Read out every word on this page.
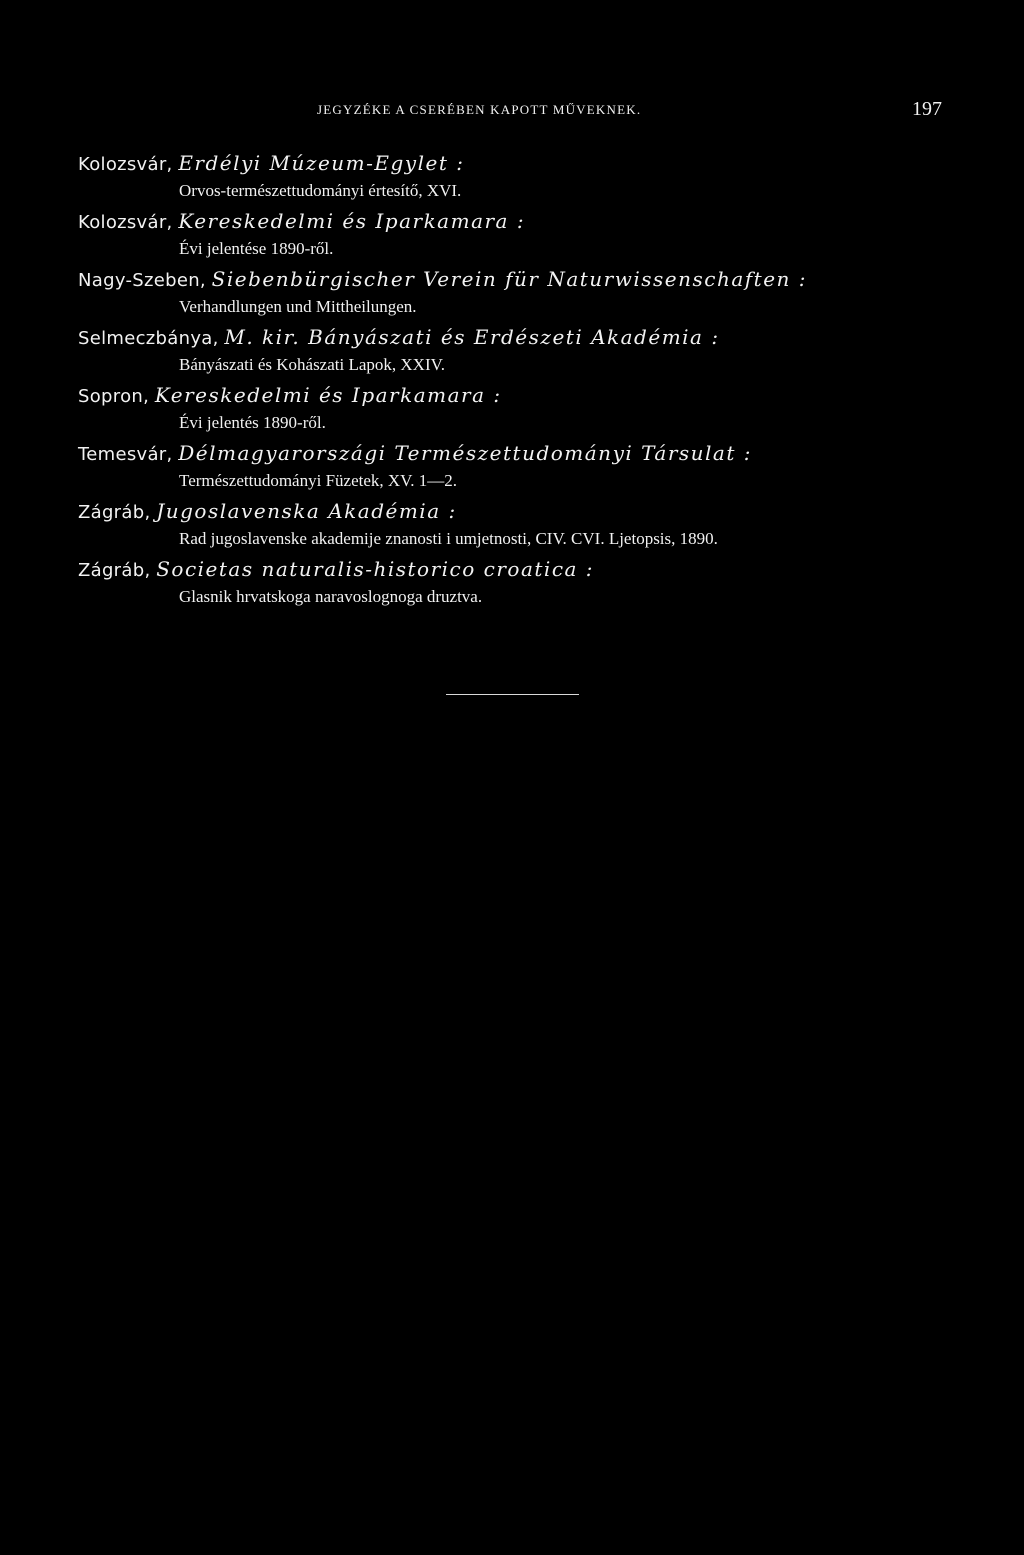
JEGYZÉKE A CSERÉBEN KAPOTT MŰVEKNEK.	197
Kolozsvár, Erdélyi Múzeum-Egylet :
Orvos-természettudományi értesítő, XVI.
Kolozsvár, Kereskedelmi és Iparkamara :
Évi jelentése 1890-ről.
Nagy-Szeben, Siebenbürgischer Verein für Naturwissenschaften :
Verhandlungen und Mittheilungen.
Selmeczbánya, M. kir. Bányászati és Erdészeti Akadémia :
Bányászati és Kohászati Lapok, XXIV.
Sopron, Kereskedelmi és Iparkamara :
Évi jelentés 1890-ről.
Temesvár, Délmagyarországi Természettudományi Társulat :
Természettudományi Füzetek, XV. 1—2.
Zágráb, Jugoslavenska Akadémia :
Rad jugoslavenske akademije znanosti i umjetnosti, CIV. CVI. Ljetopsis, 1890.
Zágráb, Societas naturalis-historico croatica :
Glasnik hrvatskoga naravoslognoga druztva.
